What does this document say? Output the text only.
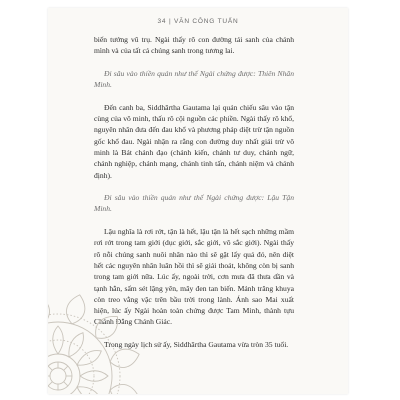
34 | VĂN CÔNG TUẤN

biến tướng vũ trụ. Ngài thấy rõ con đường tái sanh của chánh mình và của tất cả chúng sanh trong tương lai.

Đi sâu vào thiền quán như thế Ngài chứng được: Thiên Nhãn Minh.

Đến canh ba, Siddhārtha Gautama lại quán chiếu sâu vào tận cùng của vô minh, thấu rõ cội nguồn các phiền. Ngài thấy rõ khổ, nguyên nhân đưa đến đau khổ và phương pháp diệt trừ tận nguồn gốc khổ đau. Ngài nhận ra rằng con đường duy nhất giải trừ vô minh là Bát chánh đạo (chánh kiến, chánh tư duy, chánh ngữ, chánh nghiệp, chánh mạng, chánh tinh tấn, chánh niệm và chánh định).

Đi sâu vào thiền quán như thế Ngài chứng được: Lậu Tận Minh.

Lậu nghĩa là rơi rớt, tận là hết, lậu tận là hết sạch những mầm rơi rớt trong tam giới (dục giới, sắc giới, vô sắc giới). Ngài thấy rõ nỗi chúng sanh nuôi nhân nào thì sẽ gặt lấy quả đó, nên diệt hết các nguyên nhân luân hồi thì sẽ giải thoát, không còn bị sanh trong tam giới nữa. Lúc ấy, ngoài trời, cơn mưa đã thưa dần và tạnh hẳn, sấm sét lặng yên, mây đen tan biến. Mảnh trăng khuya còn treo vằng vặc trên bầu trời trong lành. Ánh sao Mai xuất hiện, lúc ấy Ngài hoàn toàn chứng được Tam Minh, thành tựu Chánh Đẳng Chánh Giác.

Trong ngày lịch sử ấy, Siddhārtha Gautama vừa tròn 35 tuổi.
